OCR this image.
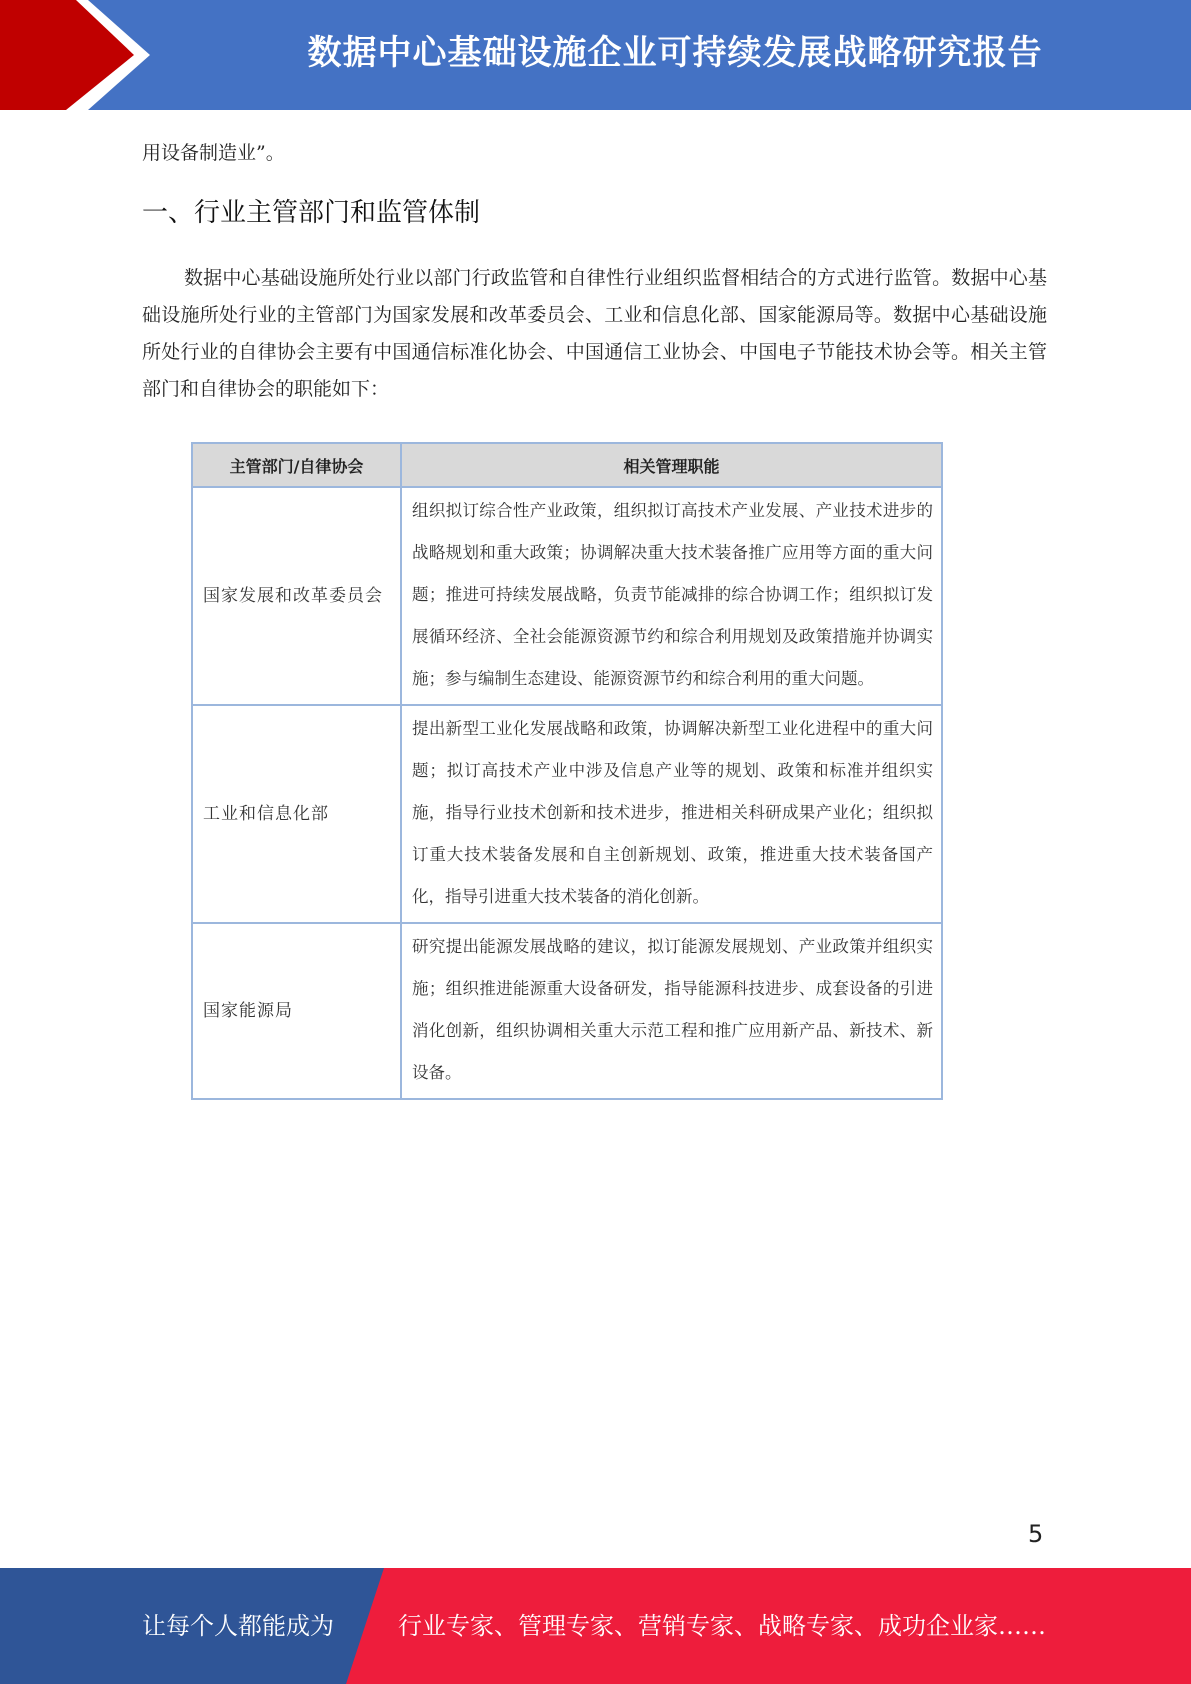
数据中心基础设施企业可持续发展战略研究报告
用设备制造业”。
一、行业主管部门和监管体制

数据中心基础设施所处行业以部门行政监管和自律性行业组织监督相结合的方式进行监管。数据中心基础设施所处行业的主管部门为国家发展和改革委员会、工业和信息化部、国家能源局等。数据中心基础设施所处行业的自律协会主要有中国通信标准化协会、中国通信工业协会、中国电子节能技术协会等。相关主管部门和自律协会的职能如下：

主管部门/自律协会	相关管理职能
国家发展和改革委员会	组织拟订综合性产业政策，组织拟订高技术产业发展、产业技术进步的战略规划和重大政策；协调解决重大技术装备推广应用等方面的重大问题；推进可持续发展战略，负责节能减排的综合协调工作；组织拟订发展循环经济、全社会能源资源节约和综合利用规划及政策措施并协调实施；参与编制生态建设、能源资源节约和综合利用的重大问题。
工业和信息化部	提出新型工业化发展战略和政策，协调解决新型工业化进程中的重大问题；拟订高技术产业中涉及信息产业等的规划、政策和标准并组织实施，指导行业技术创新和技术进步，推进相关科研成果产业化；组织拟订重大技术装备发展和自主创新规划、政策，推进重大技术装备国产化，指导引进重大技术装备的消化创新。
国家能源局	研究提出能源发展战略的建议，拟订能源发展规划、产业政策并组织实施；组织推进能源重大设备研发，指导能源科技进步、成套设备的引进消化创新，组织协调相关重大示范工程和推广应用新产品、新技术、新设备。
5
让每个人都能成为	行业专家、管理专家、营销专家、战略专家、成功企业家……
